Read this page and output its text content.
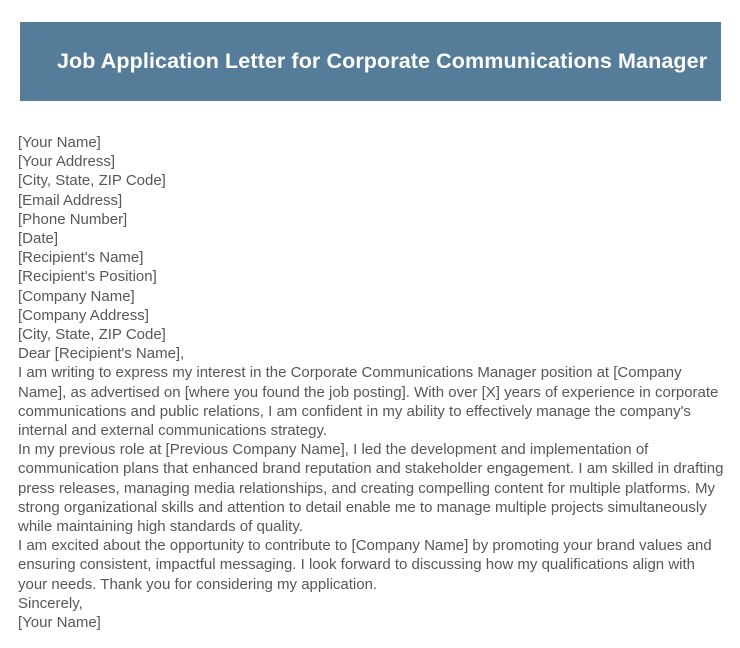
Job Application Letter for Corporate Communications Manager
[Your Name]
[Your Address]
[City, State, ZIP Code]
[Email Address]
[Phone Number]
[Date]
[Recipient's Name]
[Recipient's Position]
[Company Name]
[Company Address]
[City, State, ZIP Code]
Dear [Recipient's Name],
I am writing to express my interest in the Corporate Communications Manager position at [Company Name], as advertised on [where you found the job posting]. With over [X] years of experience in corporate communications and public relations, I am confident in my ability to effectively manage the company's internal and external communications strategy.
In my previous role at [Previous Company Name], I led the development and implementation of communication plans that enhanced brand reputation and stakeholder engagement. I am skilled in drafting press releases, managing media relationships, and creating compelling content for multiple platforms. My strong organizational skills and attention to detail enable me to manage multiple projects simultaneously while maintaining high standards of quality.
I am excited about the opportunity to contribute to [Company Name] by promoting your brand values and ensuring consistent, impactful messaging. I look forward to discussing how my qualifications align with your needs. Thank you for considering my application.
Sincerely,
[Your Name]
